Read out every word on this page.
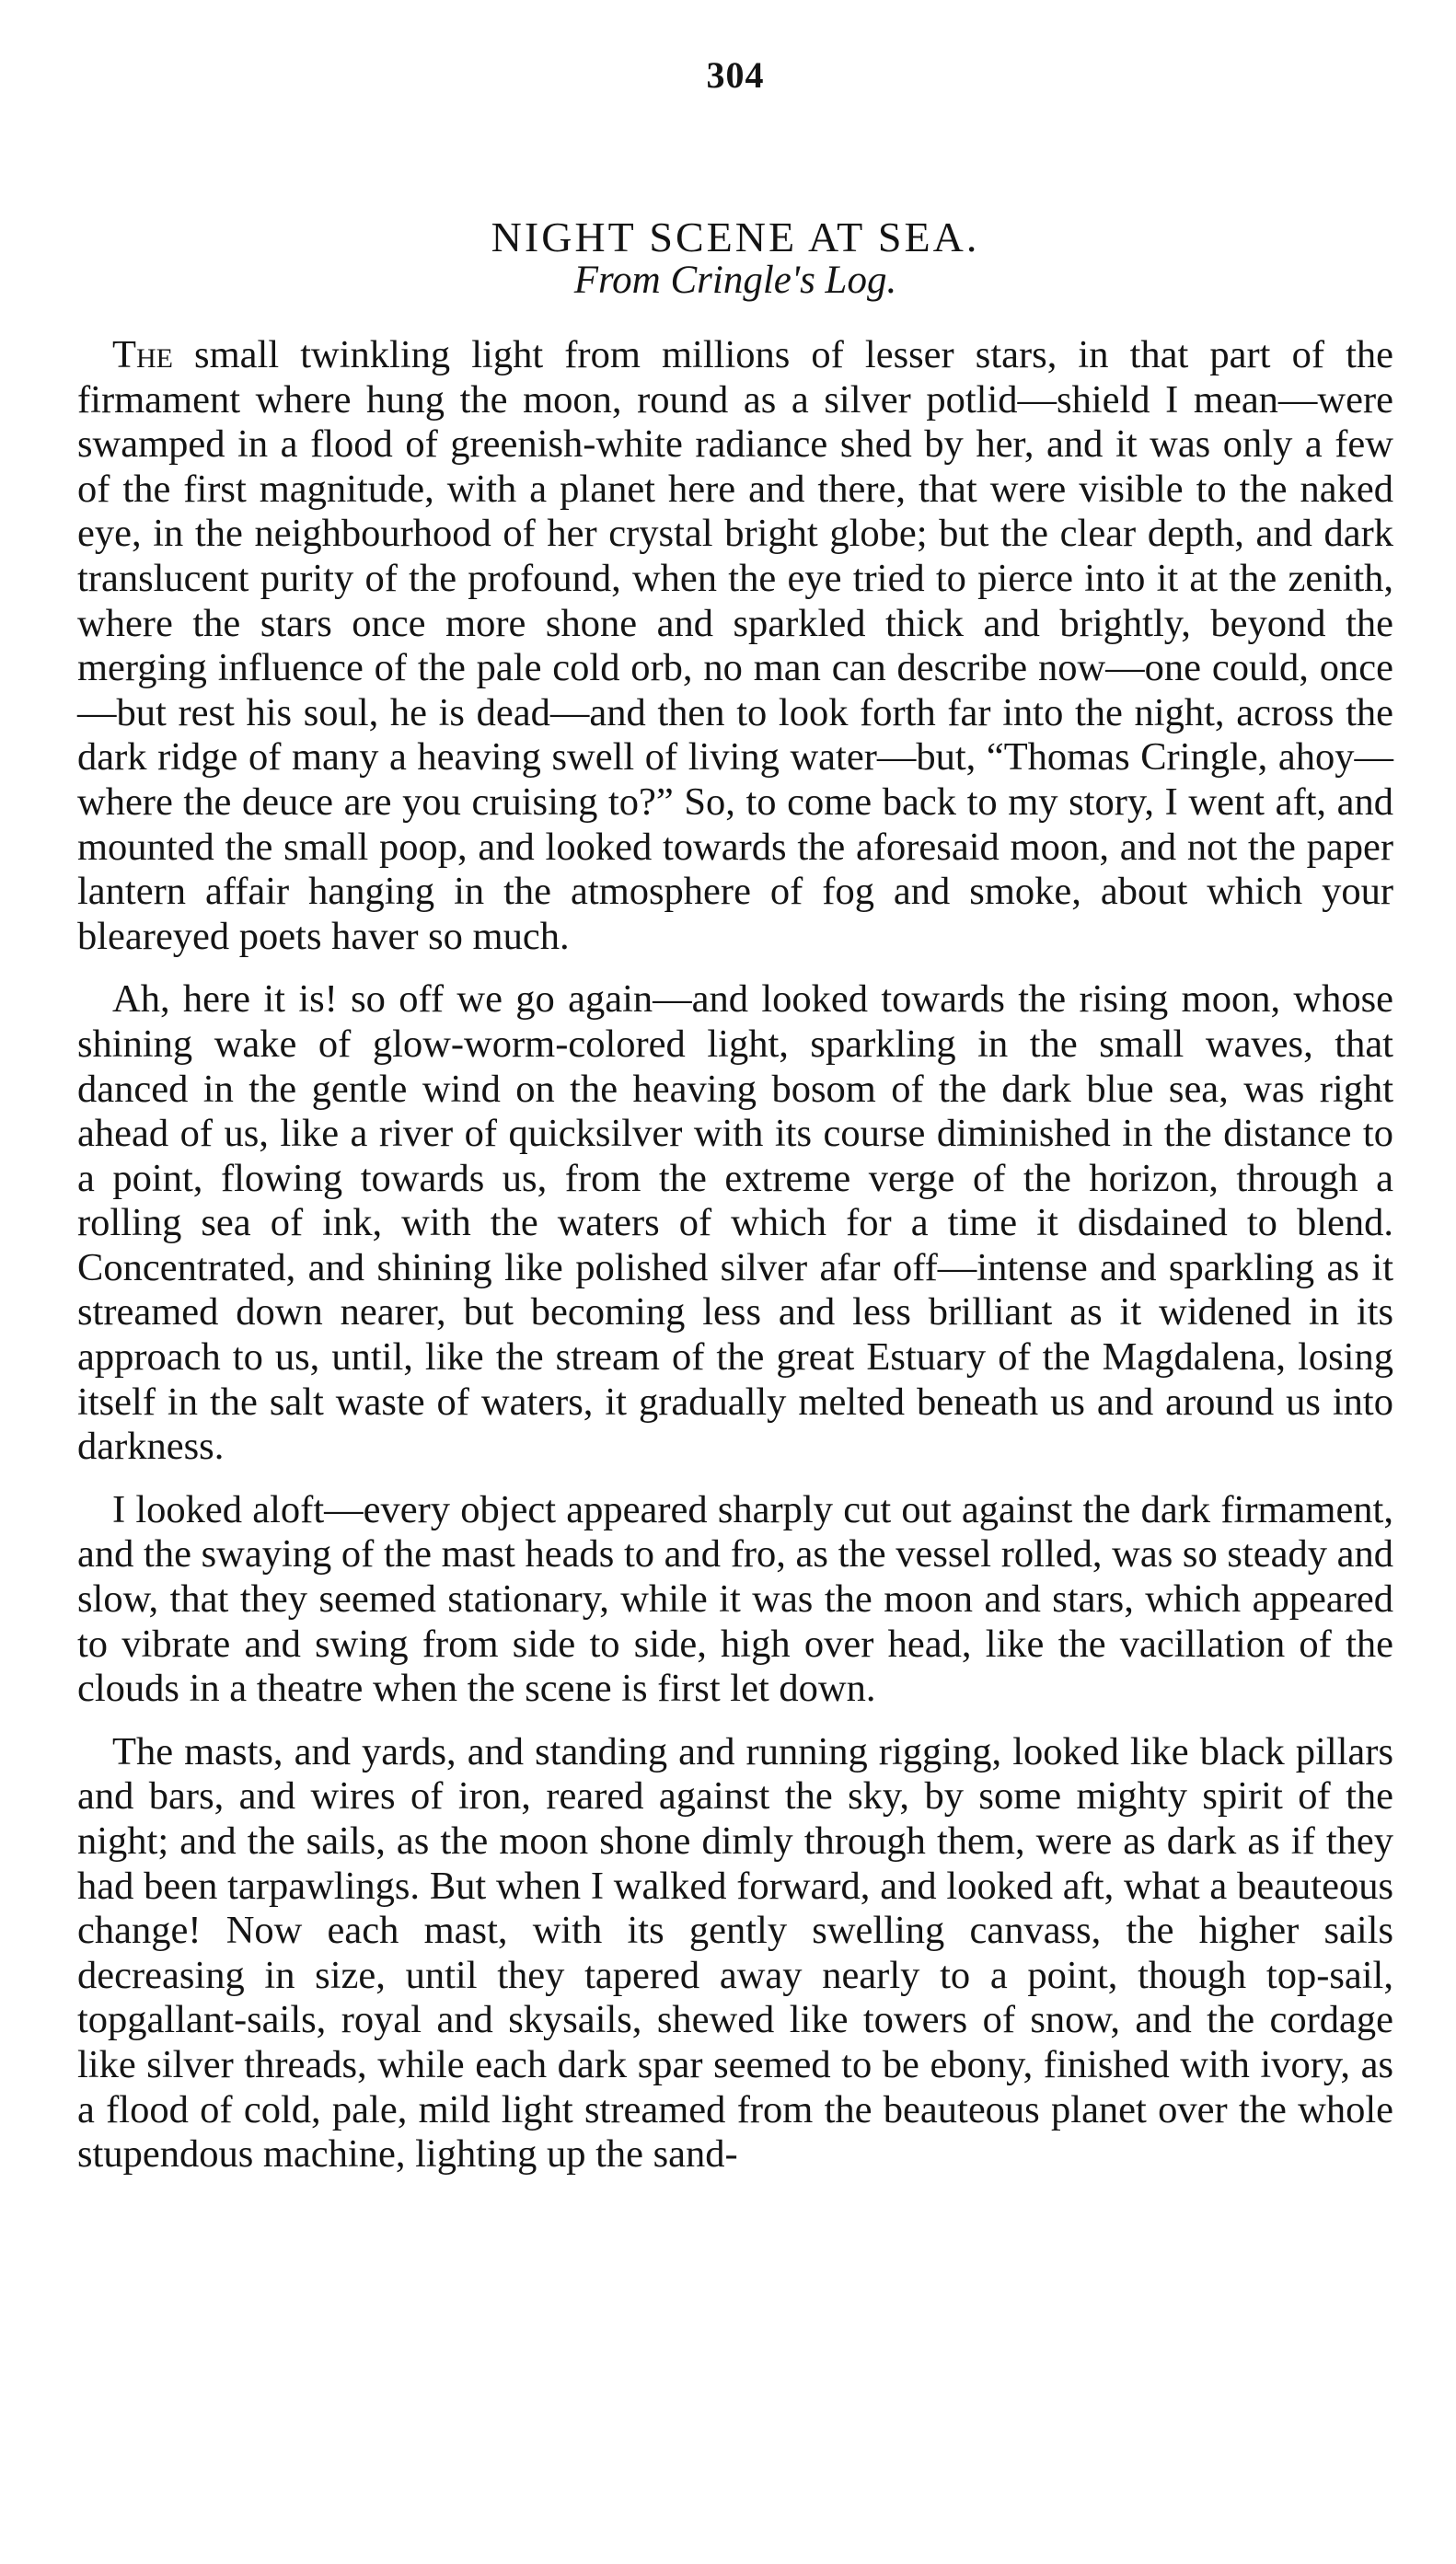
304
NIGHT SCENE AT SEA.
From Cringle's Log.

The small twinkling light from millions of lesser stars, in that part of the firmament where hung the moon, round as a silver potlid—shield I mean—were swamped in a flood of greenish-white radiance shed by her, and it was only a few of the first magnitude, with a planet here and there, that were visible to the naked eye, in the neighbourhood of her crystal bright globe; but the clear depth, and dark translucent purity of the profound, when the eye tried to pierce into it at the zenith, where the stars once more shone and sparkled thick and brightly, beyond the merging influence of the pale cold orb, no man can describe now—one could, once—but rest his soul, he is dead—and then to look forth far into the night, across the dark ridge of many a heaving swell of living water—but, “Thomas Cringle, ahoy—where the deuce are you cruising to?” So, to come back to my story, I went aft, and mounted the small poop, and looked towards the aforesaid moon, and not the paper lantern affair hanging in the atmosphere of fog and smoke, about which your bleareyed poets haver so much.

Ah, here it is! so off we go again—and looked towards the rising moon, whose shining wake of glow-worm-colored light, sparkling in the small waves, that danced in the gentle wind on the heaving bosom of the dark blue sea, was right ahead of us, like a river of quicksilver with its course diminished in the distance to a point, flowing towards us, from the extreme verge of the horizon, through a rolling sea of ink, with the waters of which for a time it disdained to blend. Concentrated, and shining like polished silver afar off—intense and sparkling as it streamed down nearer, but becoming less and less brilliant as it widened in its approach to us, until, like the stream of the great Estuary of the Magdalena, losing itself in the salt waste of waters, it gradually melted beneath us and around us into darkness.

I looked aloft—every object appeared sharply cut out against the dark firmament, and the swaying of the mast heads to and fro, as the vessel rolled, was so steady and slow, that they seemed stationary, while it was the moon and stars, which appeared to vibrate and swing from side to side, high over head, like the vacillation of the clouds in a theatre when the scene is first let down.

The masts, and yards, and standing and running rigging, looked like black pillars and bars, and wires of iron, reared against the sky, by some mighty spirit of the night; and the sails, as the moon shone dimly through them, were as dark as if they had been tarpawlings. But when I walked forward, and looked aft, what a beauteous change! Now each mast, with its gently swelling canvass, the higher sails decreasing in size, until they tapered away nearly to a point, though top-sail, topgallant-sails, royal and skysails, shewed like towers of snow, and the cordage like silver threads, while each dark spar seemed to be ebony, finished with ivory, as a flood of cold, pale, mild light streamed from the beauteous planet over the whole stupendous machine, lighting up the sand-
